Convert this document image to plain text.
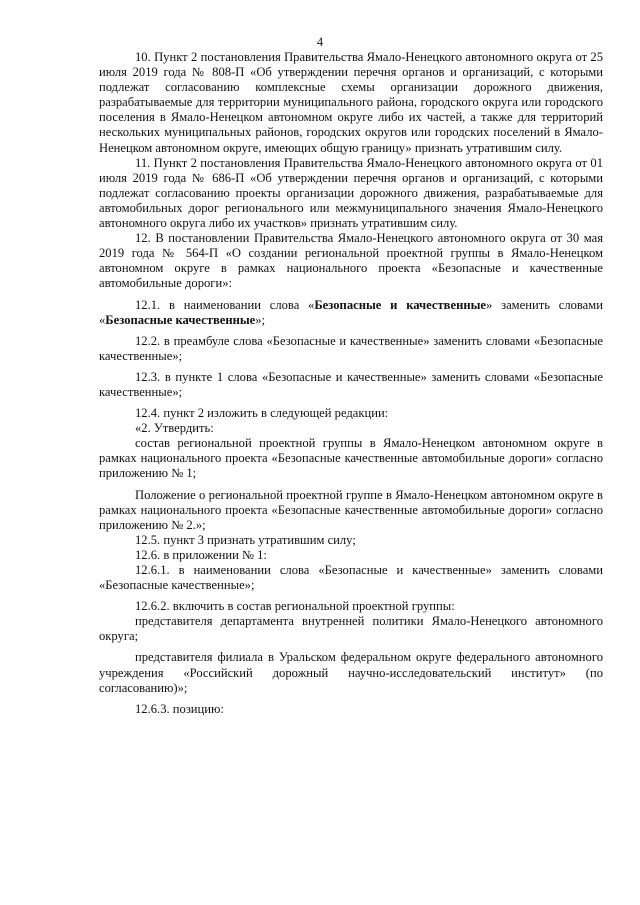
4

10. Пункт 2 постановления Правительства Ямало-Ненецкого автономного округа от 25 июля 2019 года № 808-П «Об утверждении перечня органов и организаций, с которыми подлежат согласованию комплексные схемы организации дорожного движения, разрабатываемые для территории муниципального района, городского округа или городского поселения в Ямало-Ненецком автономном округе либо их частей, а также для территорий нескольких муниципальных районов, городских округов или городских поселений в Ямало-Ненецком автономном округе, имеющих общую границу» признать утратившим силу.

11. Пункт 2 постановления Правительства Ямало-Ненецкого автономного округа от 01 июля 2019 года № 686-П «Об утверждении перечня органов и организаций, с которыми подлежат согласованию проекты организации дорожного движения, разрабатываемые для автомобильных дорог регионального или межмуниципального значения Ямало-Ненецкого автономного округа либо их участков» признать утратившим силу.

12. В постановлении Правительства Ямало-Ненецкого автономного округа от 30 мая 2019 года № 564-П «О создании региональной проектной группы в Ямало-Ненецком автономном округе в рамках национального проекта «Безопасные и качественные автомобильные дороги»:

12.1. в наименовании слова «Безопасные и качественные» заменить словами «Безопасные качественные»;

12.2. в преамбуле слова «Безопасные и качественные» заменить словами «Безопасные качественные»;

12.3. в пункте 1 слова «Безопасные и качественные» заменить словами «Безопасные качественные»;

12.4. пункт 2 изложить в следующей редакции:

«2. Утвердить:

состав региональной проектной группы в Ямало-Ненецком автономном округе в рамках национального проекта «Безопасные качественные автомобильные дороги» согласно приложению № 1;

Положение о региональной проектной группе в Ямало-Ненецком автономном округе в рамках национального проекта «Безопасные качественные автомобильные дороги» согласно приложению № 2.»;

12.5. пункт 3 признать утратившим силу;

12.6. в приложении № 1:

12.6.1. в наименовании слова «Безопасные и качественные» заменить словами «Безопасные качественные»;

12.6.2. включить в состав региональной проектной группы:

представителя департамента внутренней политики Ямало-Ненецкого автономного округа;

представителя филиала в Уральском федеральном округе федерального автономного учреждения «Российский дорожный научно-исследовательский институт» (по согласованию)»;

12.6.3. позицию:
